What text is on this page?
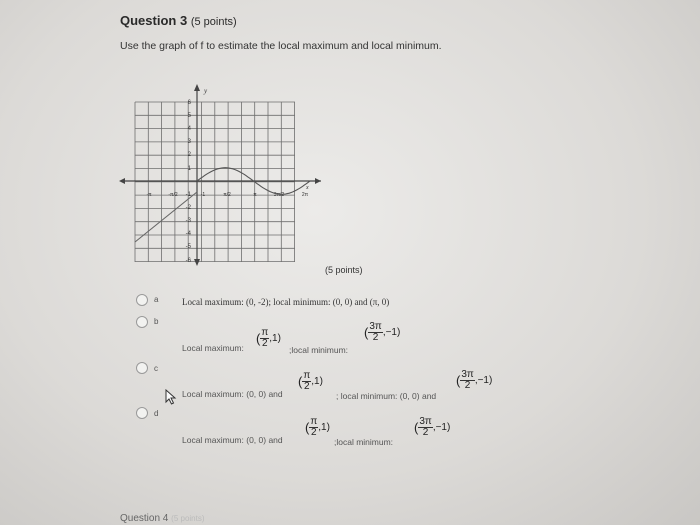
Question 3 (5 points)
Use the graph of f to estimate the local maximum and local minimum.
y
x
6
5
4
3
2
1
-1
-2
-3
-4
-5
-6
-π	-π/2	-1	π/2	π	3π/2	2π
(5 points)
a	Local maximum: (0, -2); local minimum: (0, 0) and (π, 0)
b
Local maximum:
( $\frac{\pi}{2} ,1$)
;local minimum:
( $\frac{3\pi}{2} ,-1$)
c
Local maximum: (0, 0) and
( $\frac{\pi}{2} ,1$)
; local minimum: (0, 0) and
( $\frac{3\pi}{2} ,-1$)
d
Local maximum: (0, 0) and
( $\frac{\pi}{2} ,1$)
;local minimum:
( $\frac{3\pi}{2} ,-1$)
Question 4 (5 points)
